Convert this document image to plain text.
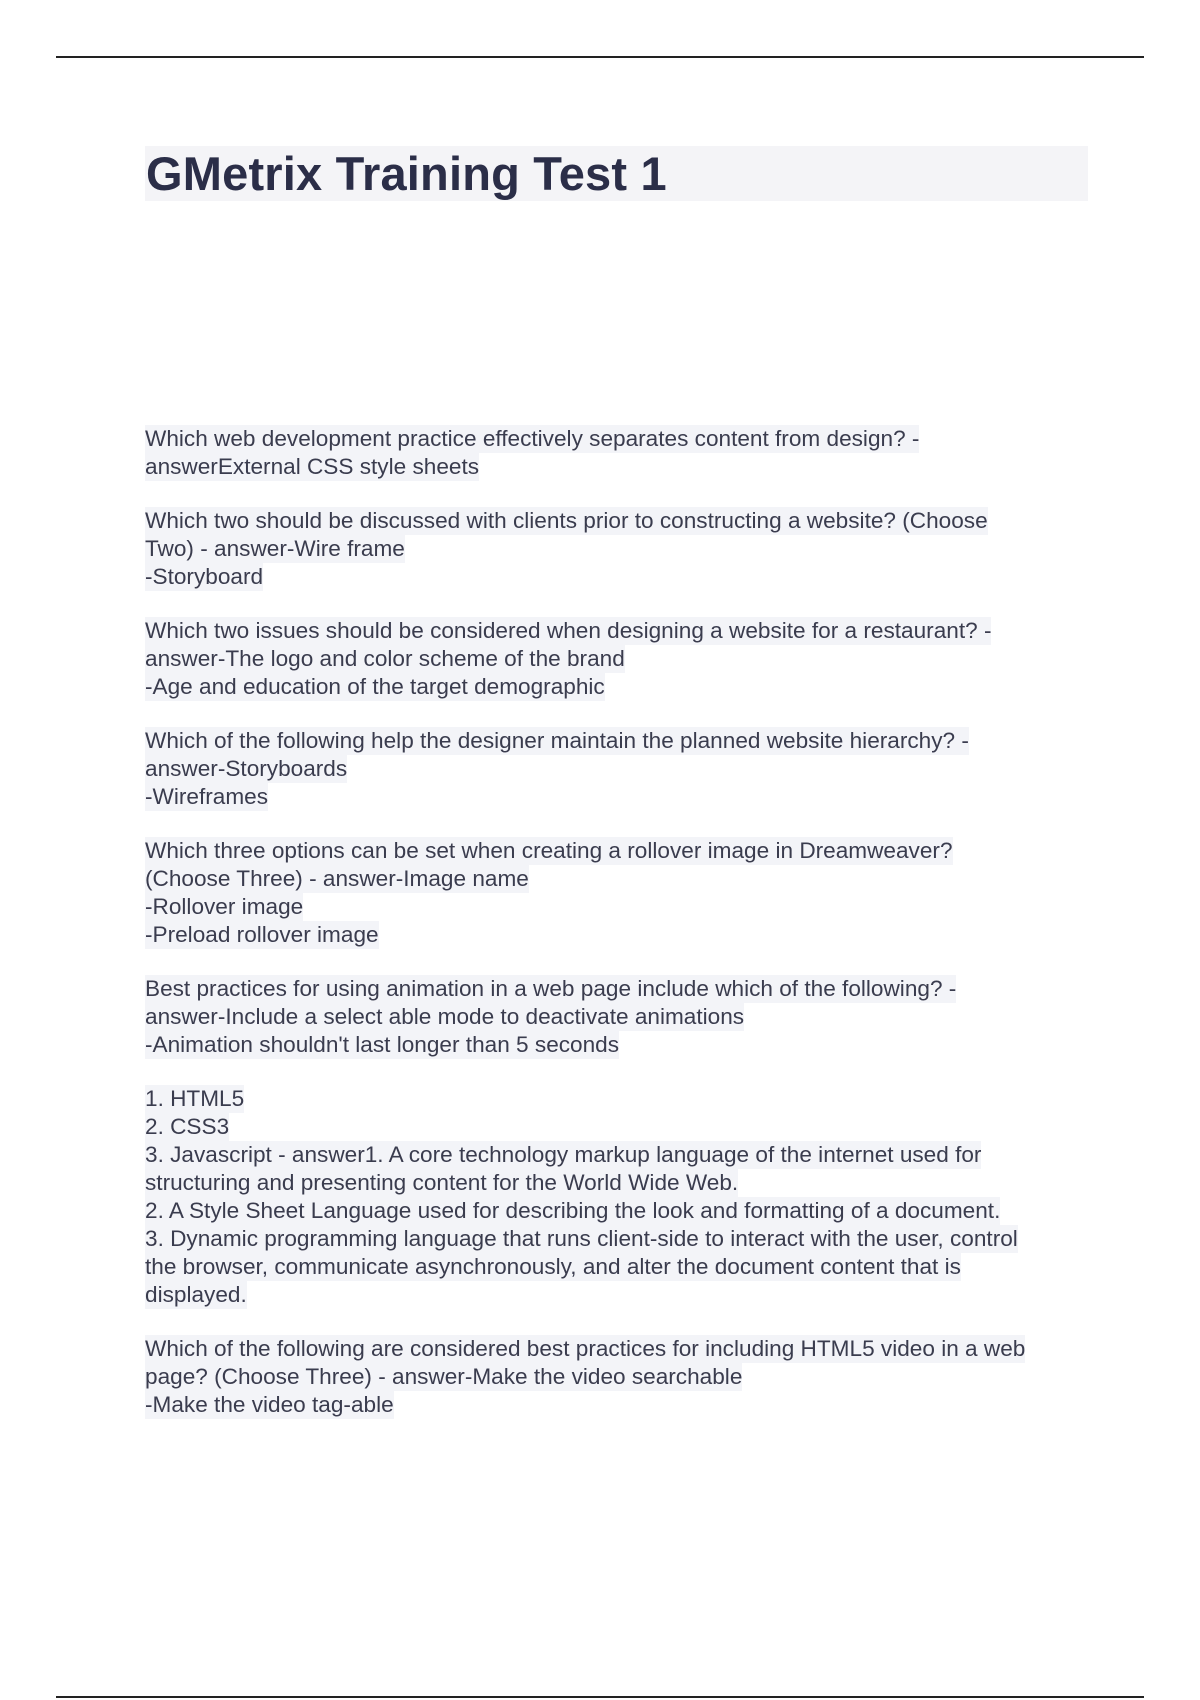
GMetrix Training Test 1
Which web development practice effectively separates content from design? -
answerExternal CSS style sheets
Which two should be discussed with clients prior to constructing a website? (Choose
Two) - answer-Wire frame
-Storyboard
Which two issues should be considered when designing a website for a restaurant? -
answer-The logo and color scheme of the brand
-Age and education of the target demographic
Which of the following help the designer maintain the planned website hierarchy? -
answer-Storyboards
-Wireframes
Which three options can be set when creating a rollover image in Dreamweaver?
(Choose Three) - answer-Image name
-Rollover image
-Preload rollover image
Best practices for using animation in a web page include which of the following? -
answer-Include a select able mode to deactivate animations
-Animation shouldn't last longer than 5 seconds
1. HTML5
2. CSS3
3. Javascript - answer1. A core technology markup language of the internet used for
structuring and presenting content for the World Wide Web.
2. A Style Sheet Language used for describing the look and formatting of a document.
3. Dynamic programming language that runs client-side to interact with the user, control
the browser, communicate asynchronously, and alter the document content that is
displayed.
Which of the following are considered best practices for including HTML5 video in a web
page? (Choose Three) - answer-Make the video searchable
-Make the video tag-able
